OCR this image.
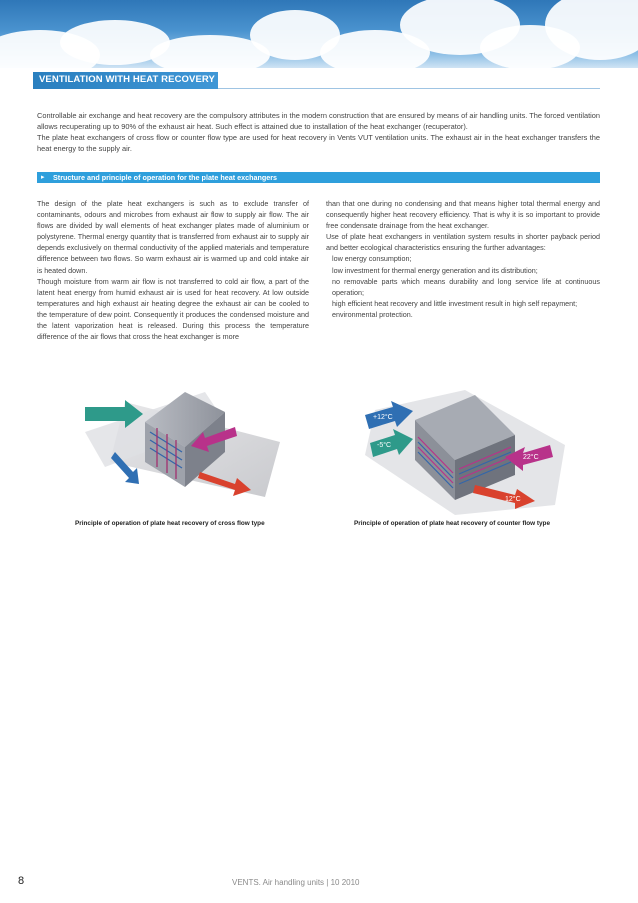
VENTILATION WITH HEAT RECOVERY

Controllable air exchange and heat recovery are the compulsory attributes in the modern construction that are ensured by means of air handling units. The forced ventilation allows recuperating up to 90% of the exhaust air heat. Such effect is attained due to installation of the heat exchanger (recuperator).

The plate heat exchangers of cross flow or counter flow type are used for heat recovery in Vents VUT ventilation units. The exhaust air in the heat exchanger transfers the heat energy to the supply air.

▸ Structure and principle of operation for the plate heat exchangers

The design of the plate heat exchangers is such as to exclude transfer of contaminants, odours and microbes from exhaust air flow to supply air flow. The air flows are divided by wall elements of heat exchanger plates made of aluminium or polystyrene. Thermal energy quantity that is transferred from exhaust air to supply air depends exclusively on thermal conductivity of the applied materials and temperature difference between two flows. So warm exhaust air is warmed up and cold intake air is heated down.

Though moisture from warm air flow is not transferred to cold air flow, a part of the latent heat energy from humid exhaust air is used for heat recovery. At low outside temperatures and high exhaust air heating degree the exhaust air can be cooled to the temperature of dew point. Consequently it produces the condensed moisture and the latent vaporization heat is released. During this process the temperature difference of the air flows that cross the heat exchanger is more

than that one during no condensing and that means higher total thermal energy and consequently higher heat recovery efficiency. That is why it is so important to provide free condensate drainage from the heat exchanger.

Use of plate heat exchangers in ventilation system results in shorter payback period and better ecological characteristics ensuring the further advantages:

low energy consumption;

low investment for thermal energy generation and its distribution;

no removable parts which means durability and long service life at continuous operation;

high efficient heat recovery and little investment result in high self repayment;

environmental protection.

+12°C
-5°C
22°C
12°C
Principle of operation of plate heat recovery of cross flow type	Principle of operation of plate heat recovery of counter flow type
8	VENTS. Air handling units | 10 2010
